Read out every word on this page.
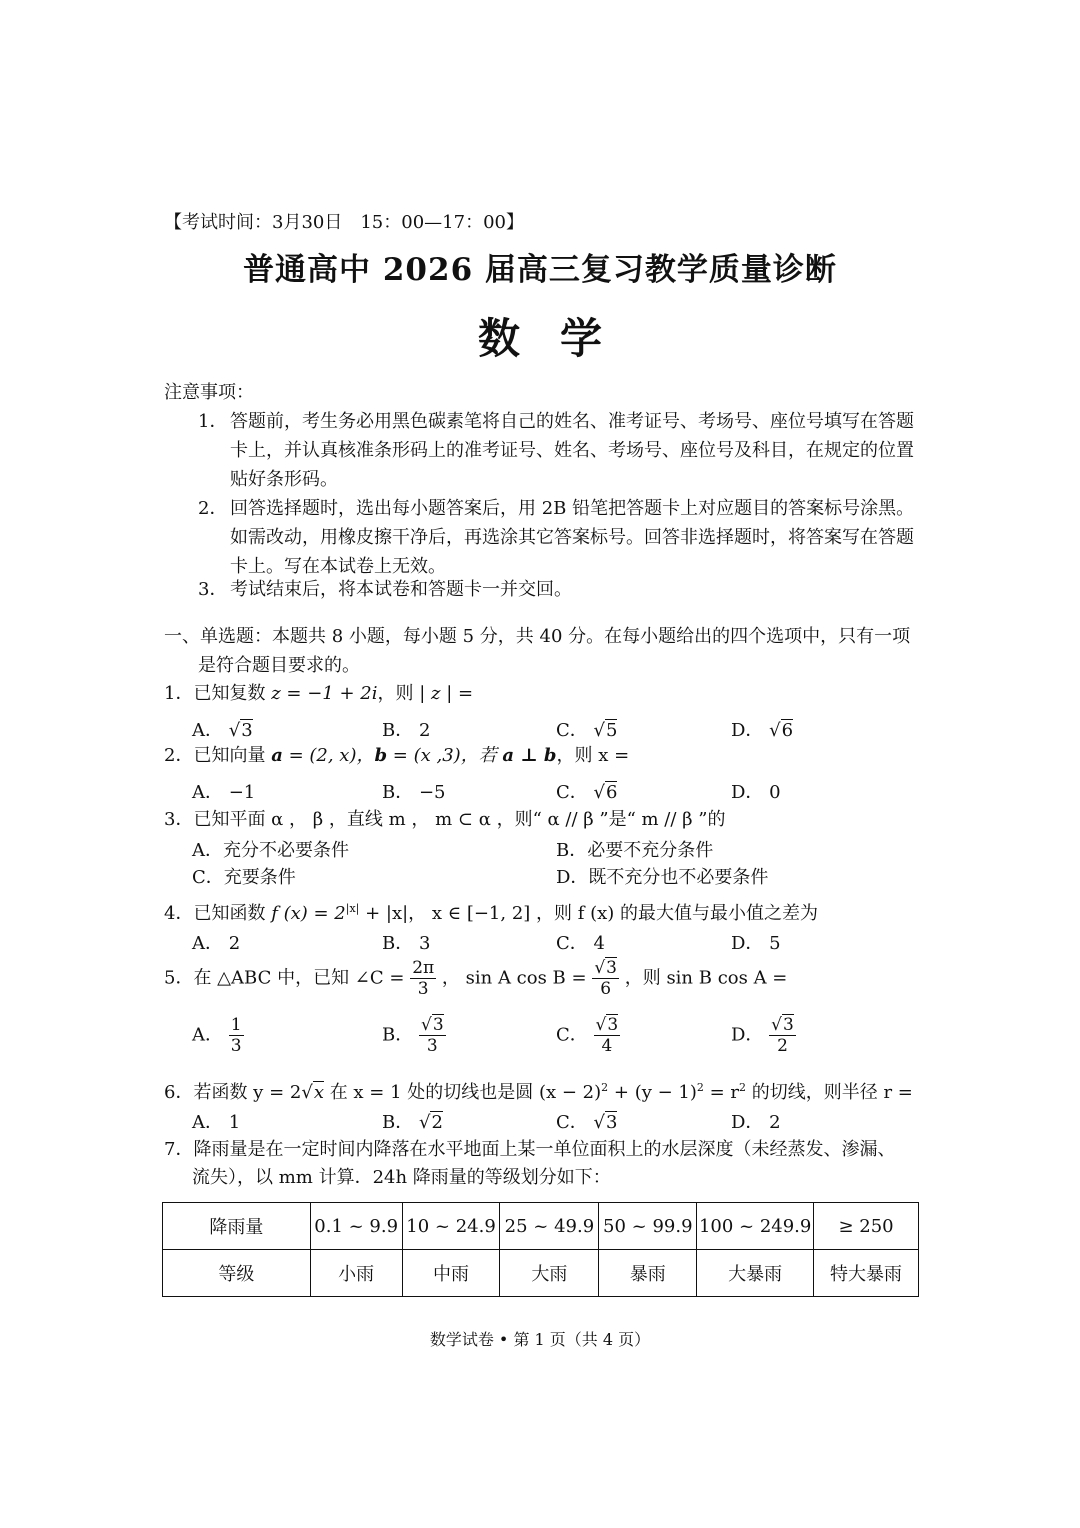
【考试时间：3月30日　15：00—17：00】
普通高中 2026 届高三复习教学质量诊断
数学
注意事项：
1． 答题前，考生务必用黑色碳素笔将自己的姓名、准考证号、考场号、座位号填写在答题卡上，并认真核准条形码上的准考证号、姓名、考场号、座位号及科目，在规定的位置贴好条形码。
2． 回答选择题时，选出每小题答案后，用 2B 铅笔把答题卡上对应题目的答案标号涂黑。如需改动，用橡皮擦干净后，再选涂其它答案标号。回答非选择题时，将答案写在答题卡上。写在本试卷上无效。
3． 考试结束后，将本试卷和答题卡一并交回。
一、单选题：本题共 8 小题，每小题 5 分，共 40 分。在每小题给出的四个选项中，只有一项是符合题目要求的。
1．已知复数 z = −1 + 2i，则 | z | =
A． √3	B． 2	C． √5	D． √6
2．已知向量 a = (2, x)，b = (x ,3)，若 a ⊥ b，则 x =
A． −1	B． −5	C． √6	D． 0
3．已知平面 α ， β ，直线 m ， m ⊂ α ，则“ α // β ”是“ m // β ”的
A．充分不必要条件	B．必要不充分条件
C．充要条件	D．既不充分也不必要条件
4．已知函数 f $(x) = 2^{|x|} + |x|$， x ∈ [−1, 2] ，则 f (x) 的最大值与最小值之差为
A． 2	B． 3	C． 4	D． 5
5．在 △ABC 中，已知 ∠C = $\frac{2\pi}{3}$ ， sin A $\cos B = \frac{√3}{6}$ ，则 sin B cos A =
A． $\frac{1}{3}$	B． $\frac{√3}{3}$	C． $\frac{√3}{4}$	D． $\frac{√3}{2}$
6．若函数 y = 2√x 在 x = 1 处的切线也是圆 $(x - 2)^2 + (y - 1)^2 = r^2$ 的切线，则半径 r =
A． 1	B． √2	C． √3	D． 2
7．降雨量是在一定时间内降落在水平地面上某一单位面积上的水层深度（未经蒸发、渗漏、
流失），以 mm 计算．24h 降雨量的等级划分如下：
降雨量	0.1 ~ 9.9	10 ~ 24.9	25 ~ 49.9	50 ~ 99.9	100 ~ 249.9	≥ 250
等级	小雨	中雨	大雨	暴雨	大暴雨	特大暴雨
数学试卷 • 第 1 页（共 4 页）
